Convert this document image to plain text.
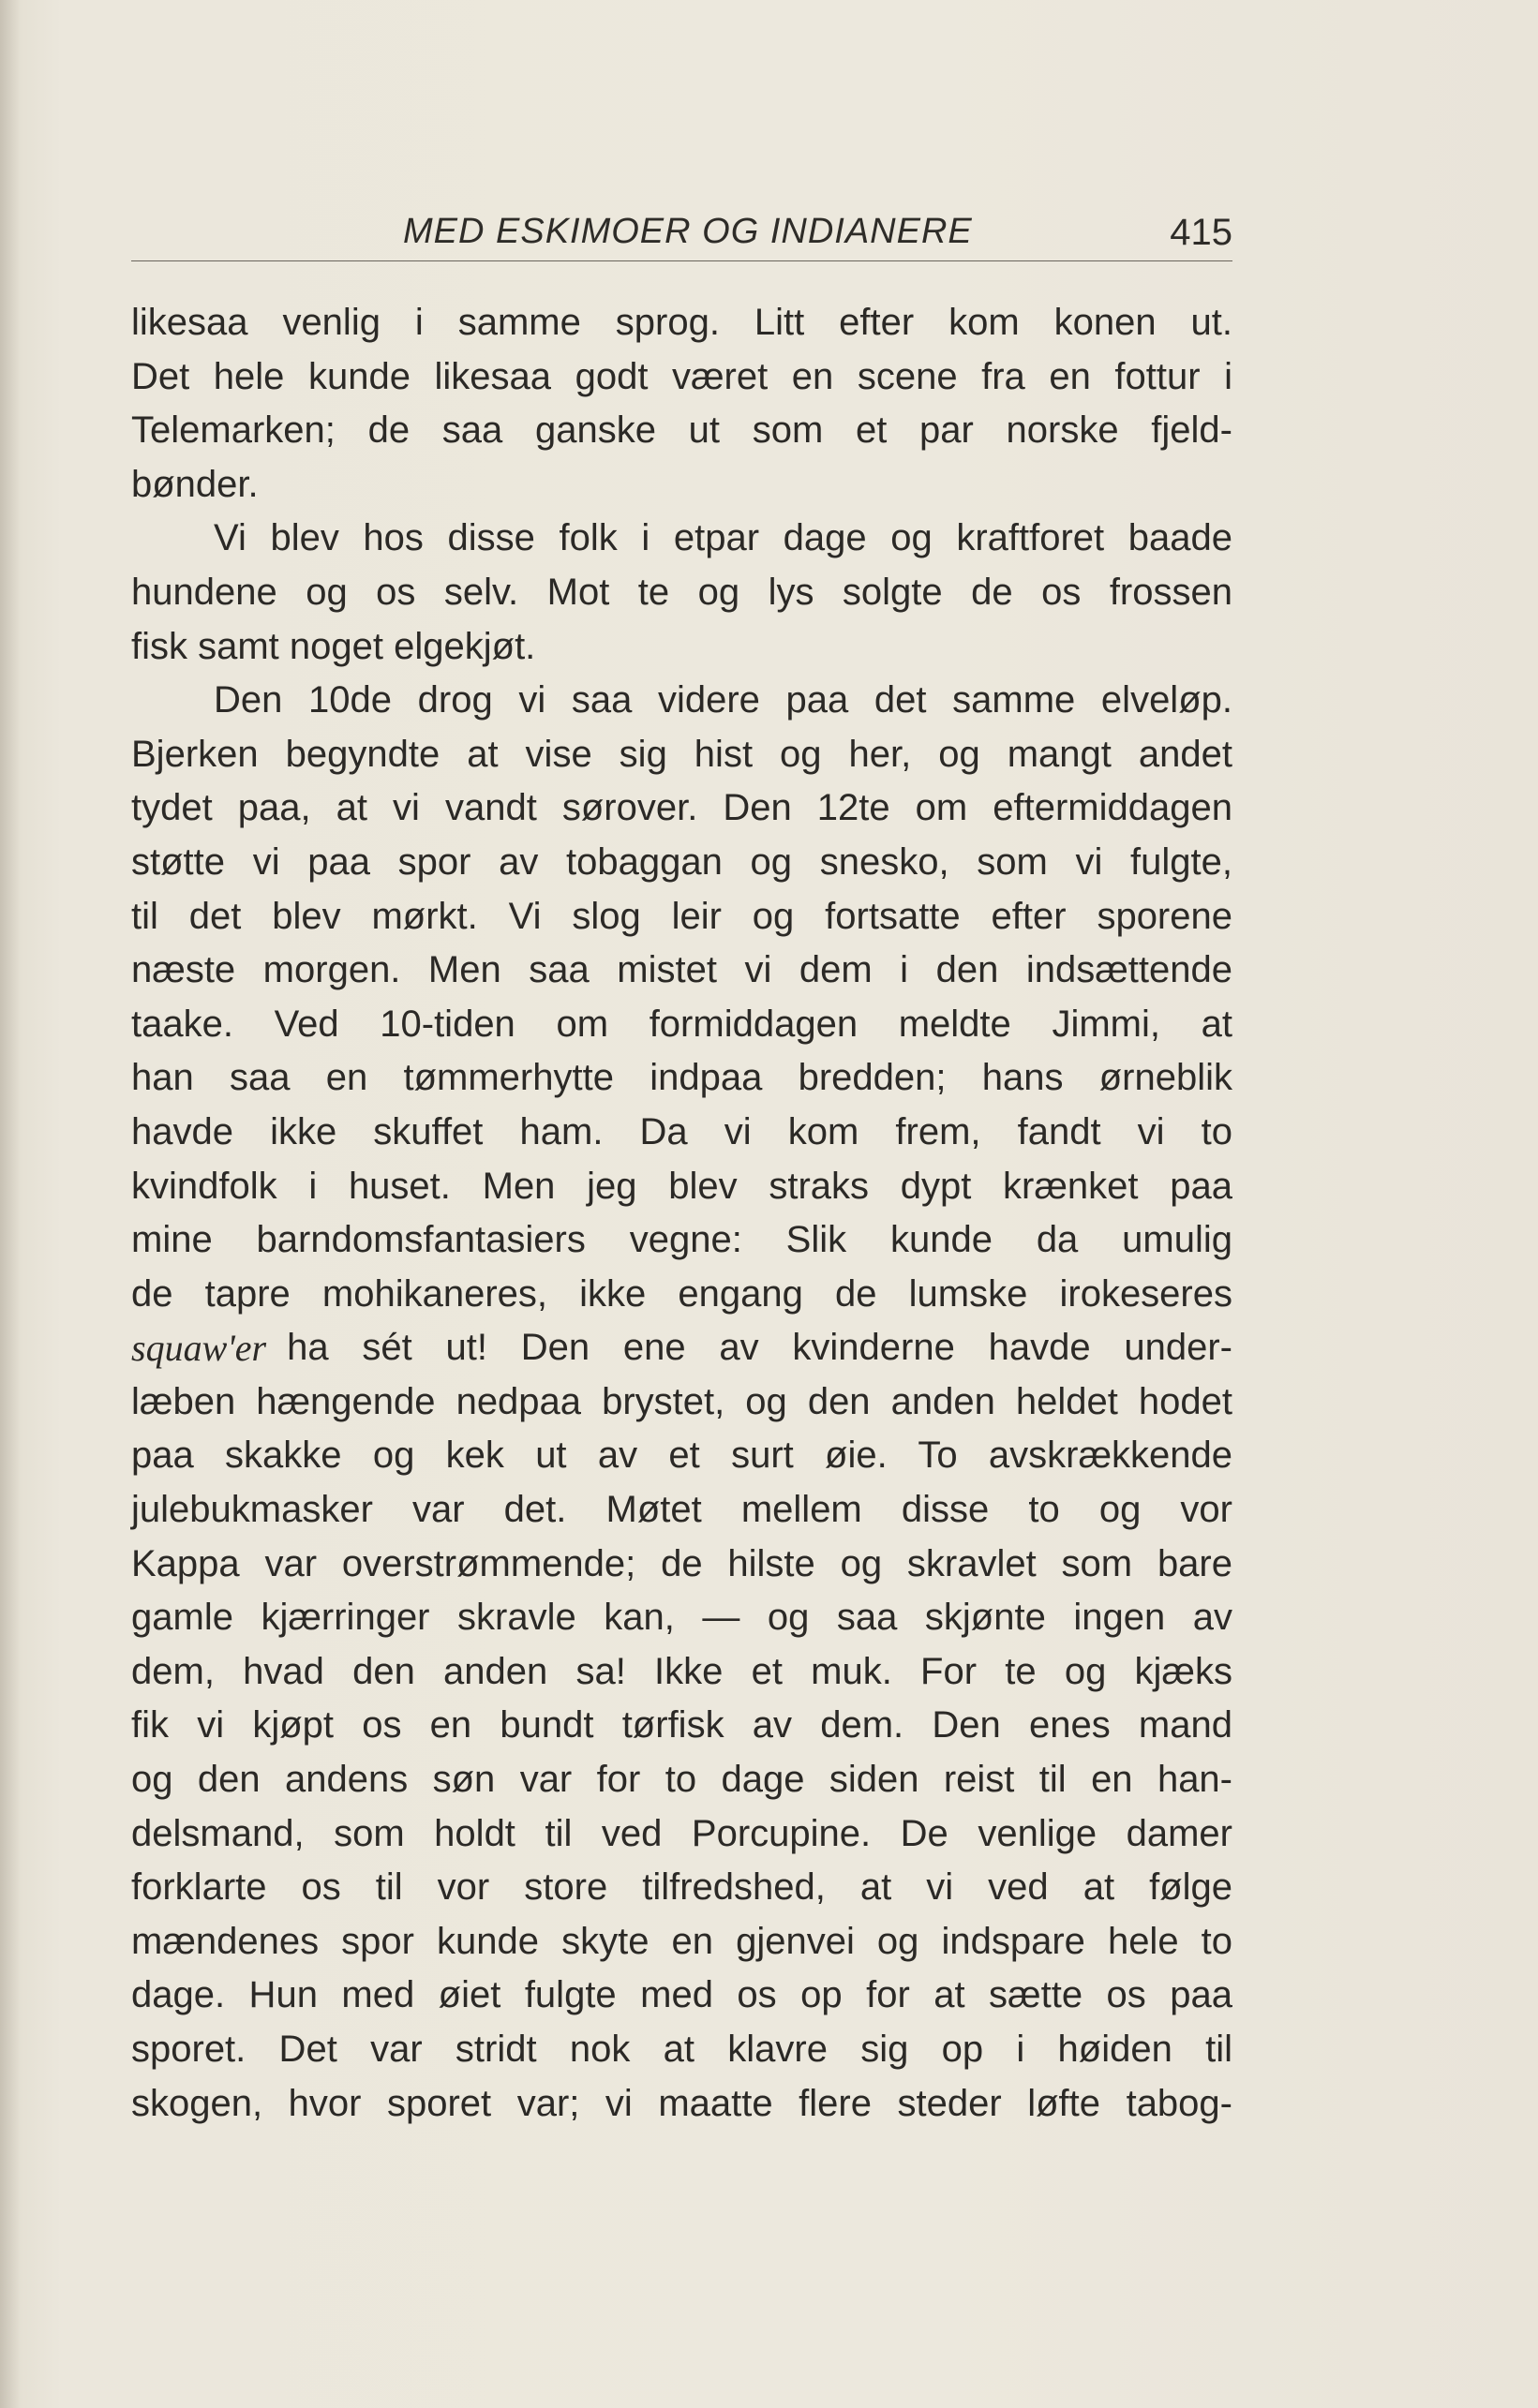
MED ESKIMOER OG INDIANERE	415
likesaa venlig i samme sprog. Litt efter kom konen ut.
Det hele kunde likesaa godt været en scene fra en fottur i
Telemarken; de saa ganske ut som et par norske fjeld-
bønder.
Vi blev hos disse folk i etpar dage og kraftforet baade
hundene og os selv. Mot te og lys solgte de os frossen
fisk samt noget elgekjøt.
Den 10de drog vi saa videre paa det samme elveløp.
Bjerken begyndte at vise sig hist og her, og mangt andet
tydet paa, at vi vandt sørover. Den 12te om eftermiddagen
støtte vi paa spor av tobaggan og snesko, som vi fulgte,
til det blev mørkt. Vi slog leir og fortsatte efter sporene
næste morgen. Men saa mistet vi dem i den indsættende
taake. Ved 10-tiden om formiddagen meldte Jimmi, at
han saa en tømmerhytte indpaa bredden; hans ørneblik
havde ikke skuffet ham. Da vi kom frem, fandt vi to
kvindfolk i huset. Men jeg blev straks dypt krænket paa
mine barndomsfantasiers vegne: Slik kunde da umulig
de tapre mohikaneres, ikke engang de lumske irokeseres
squaw'er ha sét ut! Den ene av kvinderne havde under-
læben hængende nedpaa brystet, og den anden heldet hodet
paa skakke og kek ut av et surt øie. To avskrækkende
julebukmasker var det. Møtet mellem disse to og vor
Kappa var overstrømmende; de hilste og skravlet som bare
gamle kjærringer skravle kan, — og saa skjønte ingen av
dem, hvad den anden sa! Ikke et muk. For te og kjæks
fik vi kjøpt os en bundt tørfisk av dem. Den enes mand
og den andens søn var for to dage siden reist til en han-
delsmand, som holdt til ved Porcupine. De venlige damer
forklarte os til vor store tilfredshed, at vi ved at følge
mændenes spor kunde skyte en gjenvei og indspare hele to
dage. Hun med øiet fulgte med os op for at sætte os paa
sporet. Det var stridt nok at klavre sig op i høiden til
skogen, hvor sporet var; vi maatte flere steder løfte tabog-
